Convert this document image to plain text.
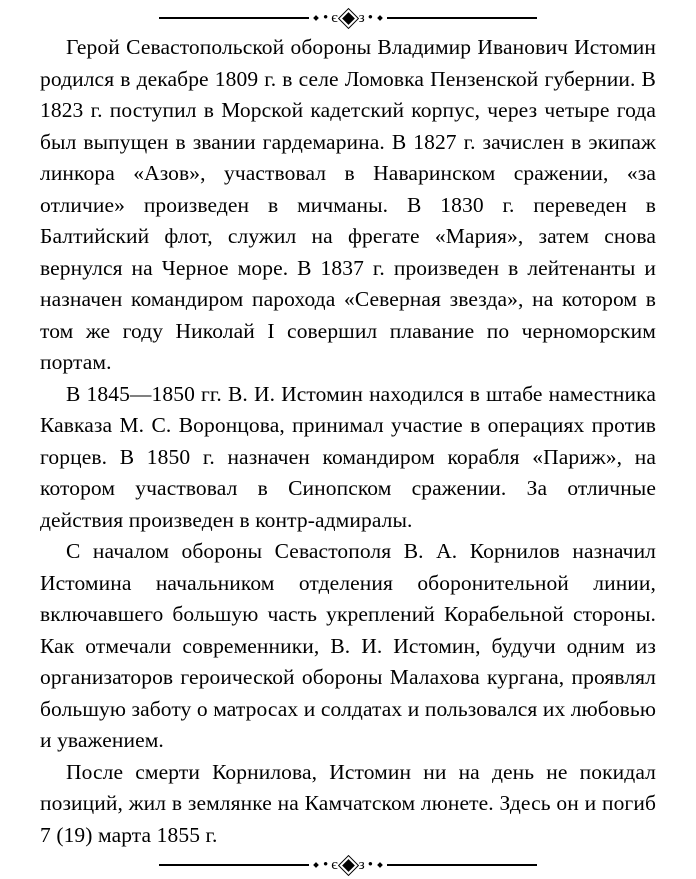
• є з •

Герой Севастопольской обороны Владимир Иванович Истомин родился в декабре 1809 г. в селе Ломовка Пензенской губернии. В 1823 г. поступил в Морской кадетский корпус, через четыре года был выпущен в звании гардемарина. В 1827 г. зачислен в экипаж линкора «Азов», участвовал в Наваринском сражении, «за отличие» произведен в мичманы. В 1830 г. переведен в Балтийский флот, служил на фрегате «Мария», затем снова вернулся на Черное море. В 1837 г. произведен в лейтенанты и назначен командиром парохода «Северная звезда», на котором в том же году Николай I совершил плавание по черноморским портам.

В 1845—1850 гг. В. И. Истомин находился в штабе наместника Кавказа М. С. Воронцова, принимал участие в операциях против горцев. В 1850 г. назначен командиром корабля «Париж», на котором участвовал в Синопском сражении. За отличные действия произведен в контр-адмиралы.

С началом обороны Севастополя В. А. Корнилов назначил Истомина начальником отделения оборонительной линии, включавшего большую часть укреплений Корабельной стороны. Как отмечали современники, В. И. Истомин, будучи одним из организаторов героической обороны Малахова кургана, проявлял большую заботу о матросах и солдатах и пользовался их любовью и уважением.

После смерти Корнилова, Истомин ни на день не покидал позиций, жил в землянке на Камчатском люнете. Здесь он и погиб 7 (19) марта 1855 г.

• є з •
